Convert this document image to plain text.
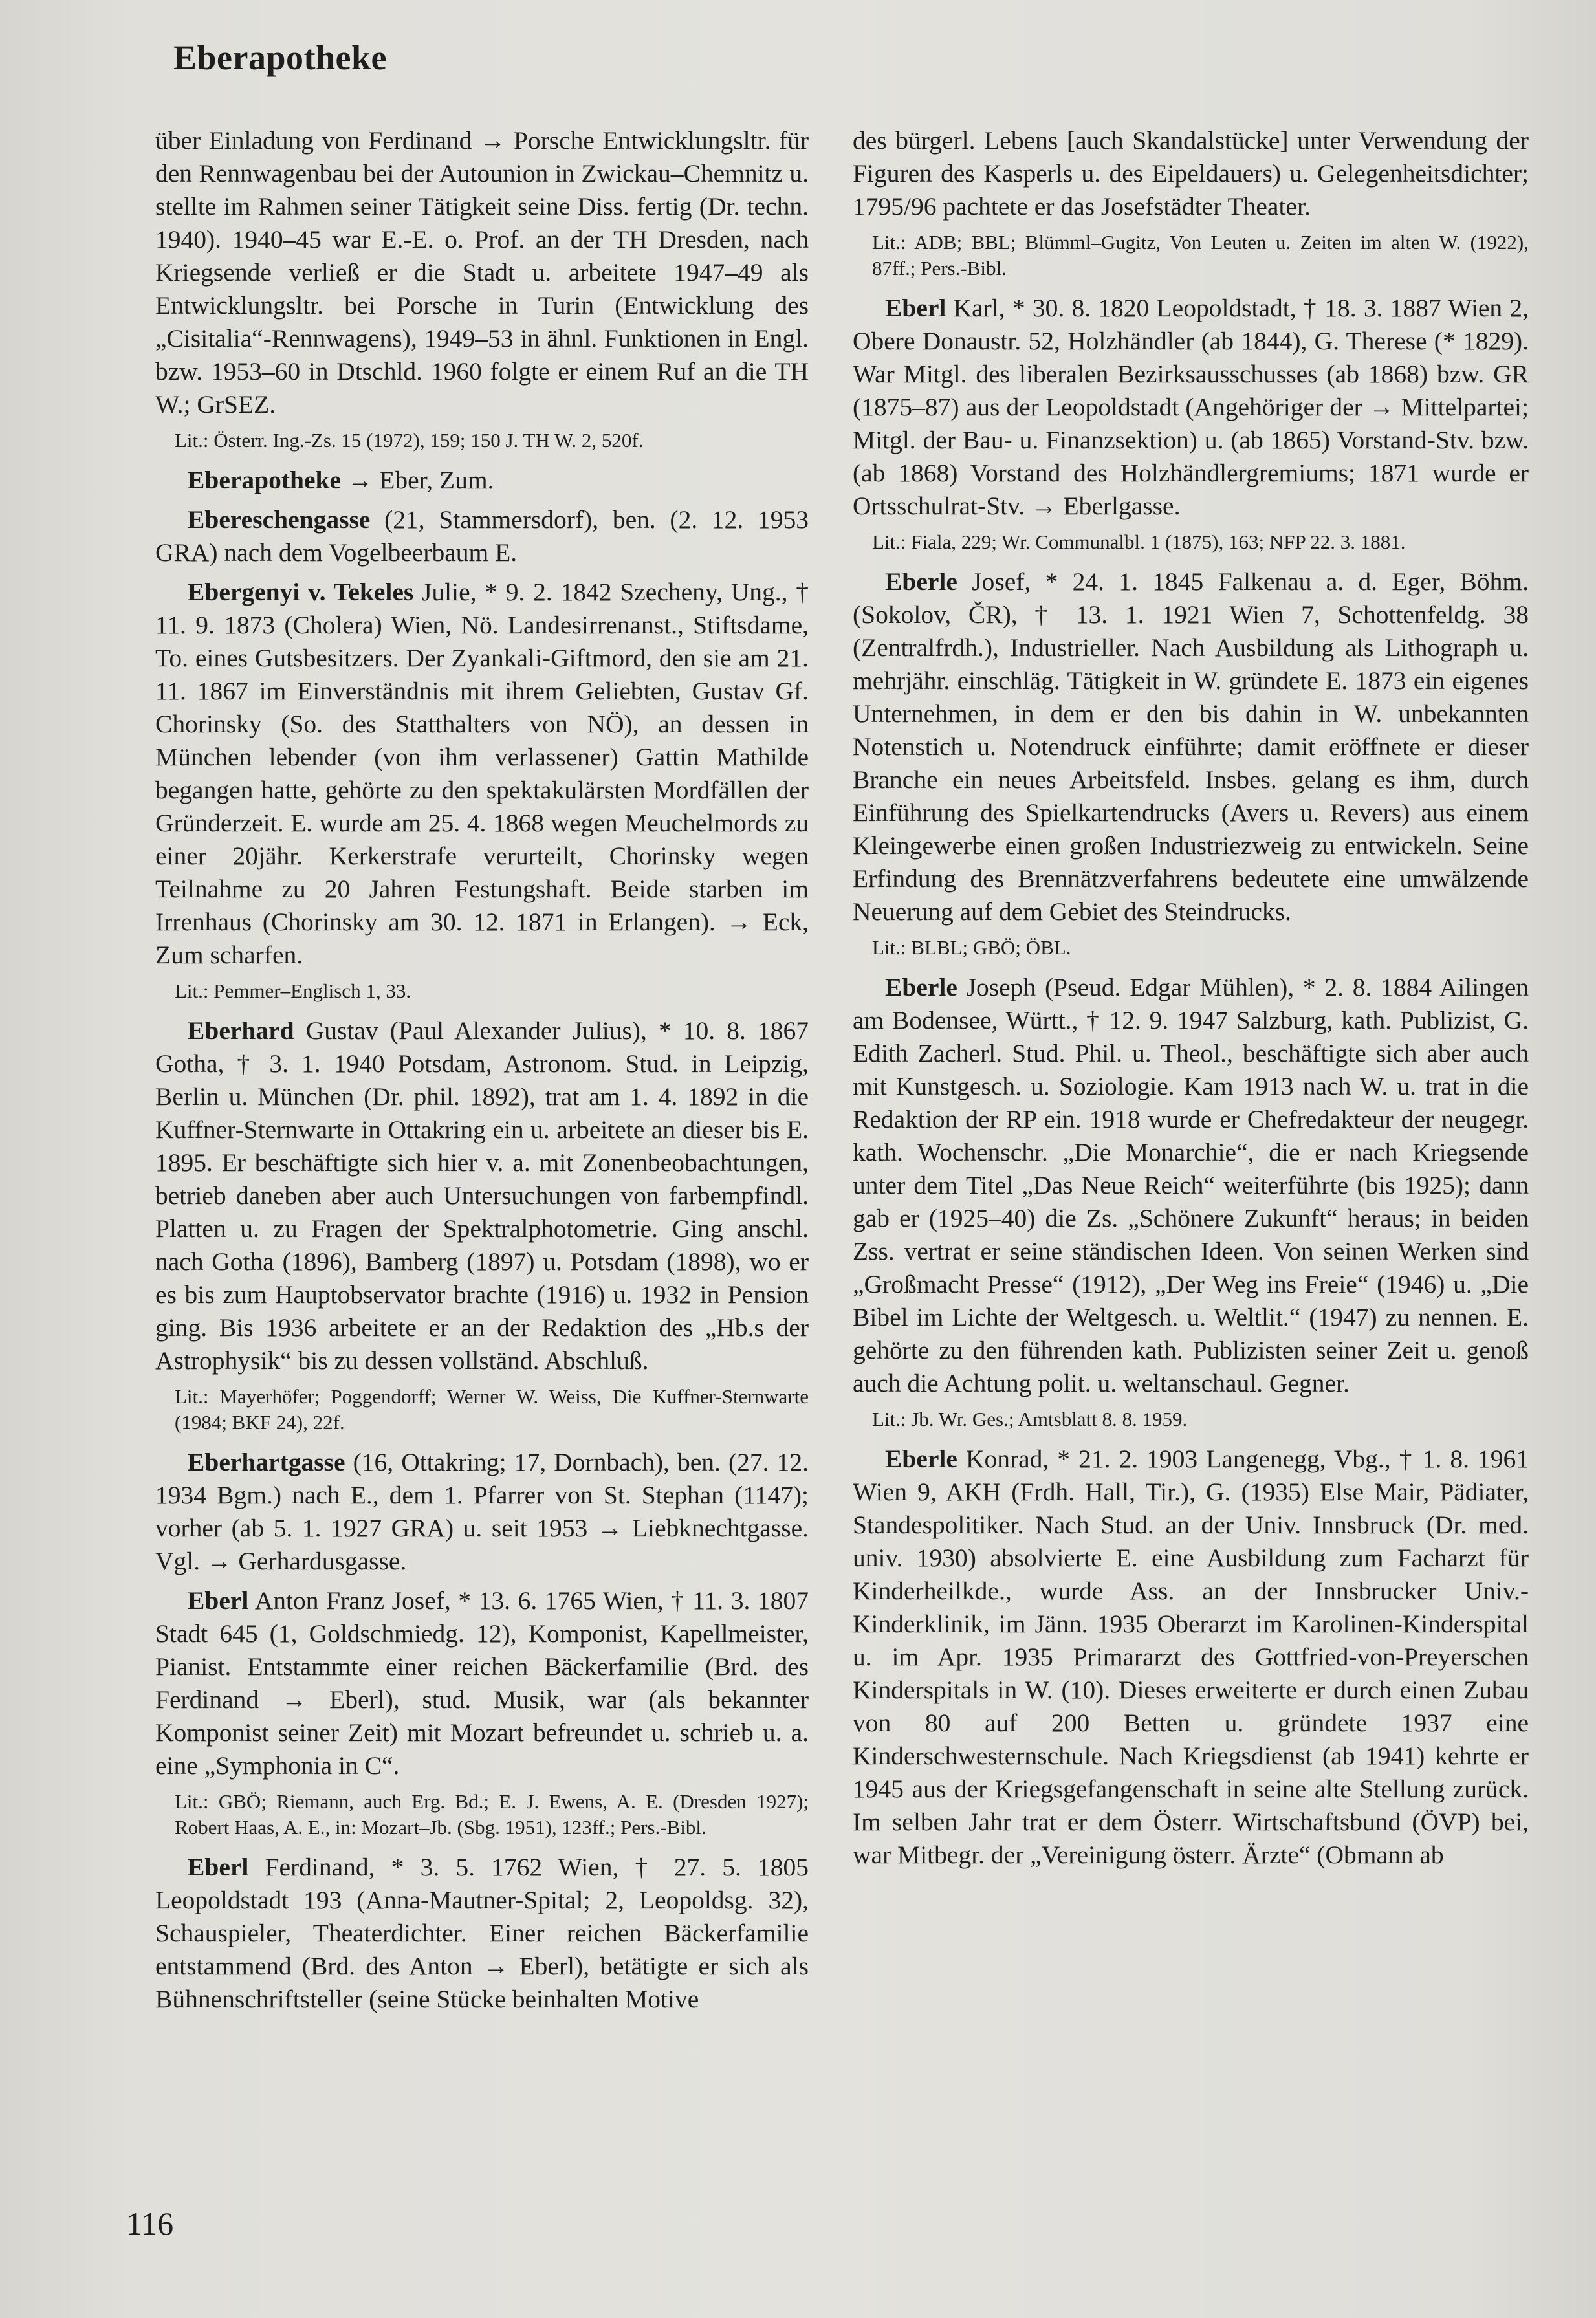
Eberapotheke

über Einladung von Ferdinand → Porsche Entwicklungsltr. für den Rennwagenbau bei der Autounion in Zwickau–Chemnitz u. stellte im Rahmen seiner Tätigkeit seine Diss. fertig (Dr. techn. 1940). 1940–45 war E.-E. o. Prof. an der TH Dresden, nach Kriegsende verließ er die Stadt u. arbeitete 1947–49 als Entwicklungsltr. bei Porsche in Turin (Entwicklung des „Cisitalia“-Rennwagens), 1949–53 in ähnl. Funktionen in Engl. bzw. 1953–60 in Dtschld. 1960 folgte er einem Ruf an die TH W.; GrSEZ.

Lit.: Österr. Ing.-Zs. 15 (1972), 159; 150 J. TH W. 2, 520f.

Eberapotheke → Eber, Zum.

Ebereschengasse (21, Stammersdorf), ben. (2. 12. 1953 GRA) nach dem Vogelbeerbaum E.

Ebergenyi v. Tekeles Julie, * 9. 2. 1842 Szecheny, Ung., † 11. 9. 1873 (Cholera) Wien, Nö. Landesirrenanst., Stiftsdame, To. eines Gutsbesitzers. Der Zyankali-Giftmord, den sie am 21. 11. 1867 im Einverständnis mit ihrem Geliebten, Gustav Gf. Chorinsky (So. des Statthalters von NÖ), an dessen in München lebender (von ihm verlassener) Gattin Mathilde begangen hatte, gehörte zu den spektakulärsten Mordfällen der Gründerzeit. E. wurde am 25. 4. 1868 wegen Meuchelmords zu einer 20jähr. Kerkerstrafe verurteilt, Chorinsky wegen Teilnahme zu 20 Jahren Festungshaft. Beide starben im Irrenhaus (Chorinsky am 30. 12. 1871 in Erlangen). → Eck, Zum scharfen.

Lit.: Pemmer–Englisch 1, 33.

Eberhard Gustav (Paul Alexander Julius), * 10. 8. 1867 Gotha, † 3. 1. 1940 Potsdam, Astronom. Stud. in Leipzig, Berlin u. München (Dr. phil. 1892), trat am 1. 4. 1892 in die Kuffner-Sternwarte in Ottakring ein u. arbeitete an dieser bis E. 1895. Er beschäftigte sich hier v. a. mit Zonenbeobachtungen, betrieb daneben aber auch Untersuchungen von farbempfindl. Platten u. zu Fragen der Spektralphotometrie. Ging anschl. nach Gotha (1896), Bamberg (1897) u. Potsdam (1898), wo er es bis zum Hauptobservator brachte (1916) u. 1932 in Pension ging. Bis 1936 arbeitete er an der Redaktion des „Hb.s der Astrophysik“ bis zu dessen vollständ. Abschluß.

Lit.: Mayerhöfer; Poggendorff; Werner W. Weiss, Die Kuffner-Sternwarte (1984; BKF 24), 22f.

Eberhartgasse (16, Ottakring; 17, Dornbach), ben. (27. 12. 1934 Bgm.) nach E., dem 1. Pfarrer von St. Stephan (1147); vorher (ab 5. 1. 1927 GRA) u. seit 1953 → Liebknechtgasse. Vgl. → Gerhardusgasse.

Eberl Anton Franz Josef, * 13. 6. 1765 Wien, † 11. 3. 1807 Stadt 645 (1, Goldschmiedg. 12), Komponist, Kapellmeister, Pianist. Entstammte einer reichen Bäckerfamilie (Brd. des Ferdinand → Eberl), stud. Musik, war (als bekannter Komponist seiner Zeit) mit Mozart befreundet u. schrieb u. a. eine „Symphonia in C“.

Lit.: GBÖ; Riemann, auch Erg. Bd.; E. J. Ewens, A. E. (Dresden 1927); Robert Haas, A. E., in: Mozart–Jb. (Sbg. 1951), 123ff.; Pers.-Bibl.

Eberl Ferdinand, * 3. 5. 1762 Wien, † 27. 5. 1805 Leopoldstadt 193 (Anna-Mautner-Spital; 2, Leopoldsg. 32), Schauspieler, Theaterdichter. Einer reichen Bäckerfamilie entstammend (Brd. des Anton → Eberl), betätigte er sich als Bühnenschriftsteller (seine Stücke beinhalten Motive

des bürgerl. Lebens [auch Skandalstücke] unter Verwendung der Figuren des Kasperls u. des Eipeldauers) u. Gelegenheitsdichter; 1795/96 pachtete er das Josefstädter Theater.

Lit.: ADB; BBL; Blümml–Gugitz, Von Leuten u. Zeiten im alten W. (1922), 87ff.; Pers.-Bibl.

Eberl Karl, * 30. 8. 1820 Leopoldstadt, † 18. 3. 1887 Wien 2, Obere Donaustr. 52, Holzhändler (ab 1844), G. Therese (* 1829). War Mitgl. des liberalen Bezirksausschusses (ab 1868) bzw. GR (1875–87) aus der Leopoldstadt (Angehöriger der → Mittelpartei; Mitgl. der Bau- u. Finanzsektion) u. (ab 1865) Vorstand-Stv. bzw. (ab 1868) Vorstand des Holzhändlergremiums; 1871 wurde er Ortsschulrat-Stv. → Eberlgasse.

Lit.: Fiala, 229; Wr. Communalbl. 1 (1875), 163; NFP 22. 3. 1881.

Eberle Josef, * 24. 1. 1845 Falkenau a. d. Eger, Böhm. (Sokolov, ČR), † 13. 1. 1921 Wien 7, Schottenfeldg. 38 (Zentralfrdh.), Industrieller. Nach Ausbildung als Lithograph u. mehrjähr. einschläg. Tätigkeit in W. gründete E. 1873 ein eigenes Unternehmen, in dem er den bis dahin in W. unbekannten Notenstich u. Notendruck einführte; damit eröffnete er dieser Branche ein neues Arbeitsfeld. Insbes. gelang es ihm, durch Einführung des Spielkartendrucks (Avers u. Revers) aus einem Kleingewerbe einen großen Industriezweig zu entwickeln. Seine Erfindung des Brennätzverfahrens bedeutete eine umwälzende Neuerung auf dem Gebiet des Steindrucks.

Lit.: BLBL; GBÖ; ÖBL.

Eberle Joseph (Pseud. Edgar Mühlen), * 2. 8. 1884 Ailingen am Bodensee, Württ., † 12. 9. 1947 Salzburg, kath. Publizist, G. Edith Zacherl. Stud. Phil. u. Theol., beschäftigte sich aber auch mit Kunstgesch. u. Soziologie. Kam 1913 nach W. u. trat in die Redaktion der RP ein. 1918 wurde er Chefredakteur der neugegr. kath. Wochenschr. „Die Monarchie“, die er nach Kriegsende unter dem Titel „Das Neue Reich“ weiterführte (bis 1925); dann gab er (1925–40) die Zs. „Schönere Zukunft“ heraus; in beiden Zss. vertrat er seine ständischen Ideen. Von seinen Werken sind „Großmacht Presse“ (1912), „Der Weg ins Freie“ (1946) u. „Die Bibel im Lichte der Weltgesch. u. Weltlit.“ (1947) zu nennen. E. gehörte zu den führenden kath. Publizisten seiner Zeit u. genoß auch die Achtung polit. u. weltanschaul. Gegner.

Lit.: Jb. Wr. Ges.; Amtsblatt 8. 8. 1959.

Eberle Konrad, * 21. 2. 1903 Langenegg, Vbg., † 1. 8. 1961 Wien 9, AKH (Frdh. Hall, Tir.), G. (1935) Else Mair, Pädiater, Standespolitiker. Nach Stud. an der Univ. Innsbruck (Dr. med. univ. 1930) absolvierte E. eine Ausbildung zum Facharzt für Kinderheilkde., wurde Ass. an der Innsbrucker Univ.-Kinderklinik, im Jänn. 1935 Oberarzt im Karolinen-Kinderspital u. im Apr. 1935 Primararzt des Gottfried-von-Preyerschen Kinderspitals in W. (10). Dieses erweiterte er durch einen Zubau von 80 auf 200 Betten u. gründete 1937 eine Kinderschwesternschule. Nach Kriegsdienst (ab 1941) kehrte er 1945 aus der Kriegsgefangenschaft in seine alte Stellung zurück. Im selben Jahr trat er dem Österr. Wirtschaftsbund (ÖVP) bei, war Mitbegr. der „Vereinigung österr. Ärzte“ (Obmann ab

116
